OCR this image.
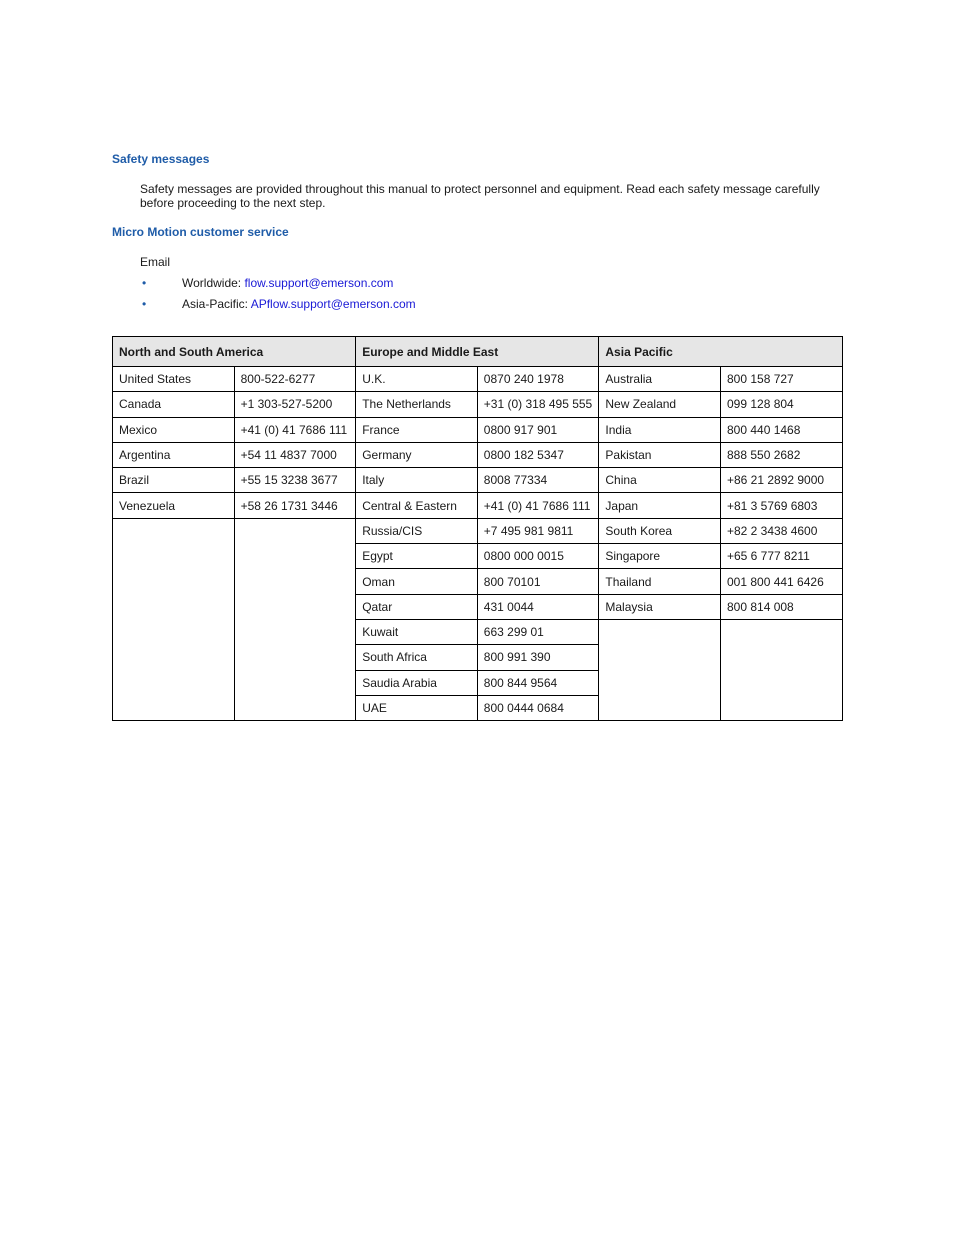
Safety messages

Safety messages are provided throughout this manual to protect personnel and equipment. Read each safety message carefully before proceeding to the next step.

Micro Motion customer service
Email
•	Worldwide: flow.support@emerson.com
•	Asia-Pacific: APflow.support@emerson.com
North and South America		Europe and Middle East		Asia Pacific	
United States	800-522-6277	U.K.	0870 240 1978	Australia	800 158 727
Canada	+1 303-527-5200	The Netherlands	+31 (0) 318 495 555	New Zealand	099 128 804
Mexico	+41 (0) 41 7686 111	France	0800 917 901	India	800 440 1468
Argentina	+54 11 4837 7000	Germany	0800 182 5347	Pakistan	888 550 2682
Brazil	+55 15 3238 3677	Italy	8008 77334	China	+86 21 2892 9000
Venezuela	+58 26 1731 3446	Central & Eastern	+41 (0) 41 7686 111	Japan	+81 3 5769 6803
		Russia/CIS	+7 495 981 9811	South Korea	+82 2 3438 4600
		Egypt	0800 000 0015	Singapore	+65 6 777 8211
		Oman	800 70101	Thailand	001 800 441 6426
		Qatar	431 0044	Malaysia	800 814 008
		Kuwait	663 299 01		
		South Africa	800 991 390		
		Saudia Arabia	800 844 9564		
		UAE	800 0444 0684		
